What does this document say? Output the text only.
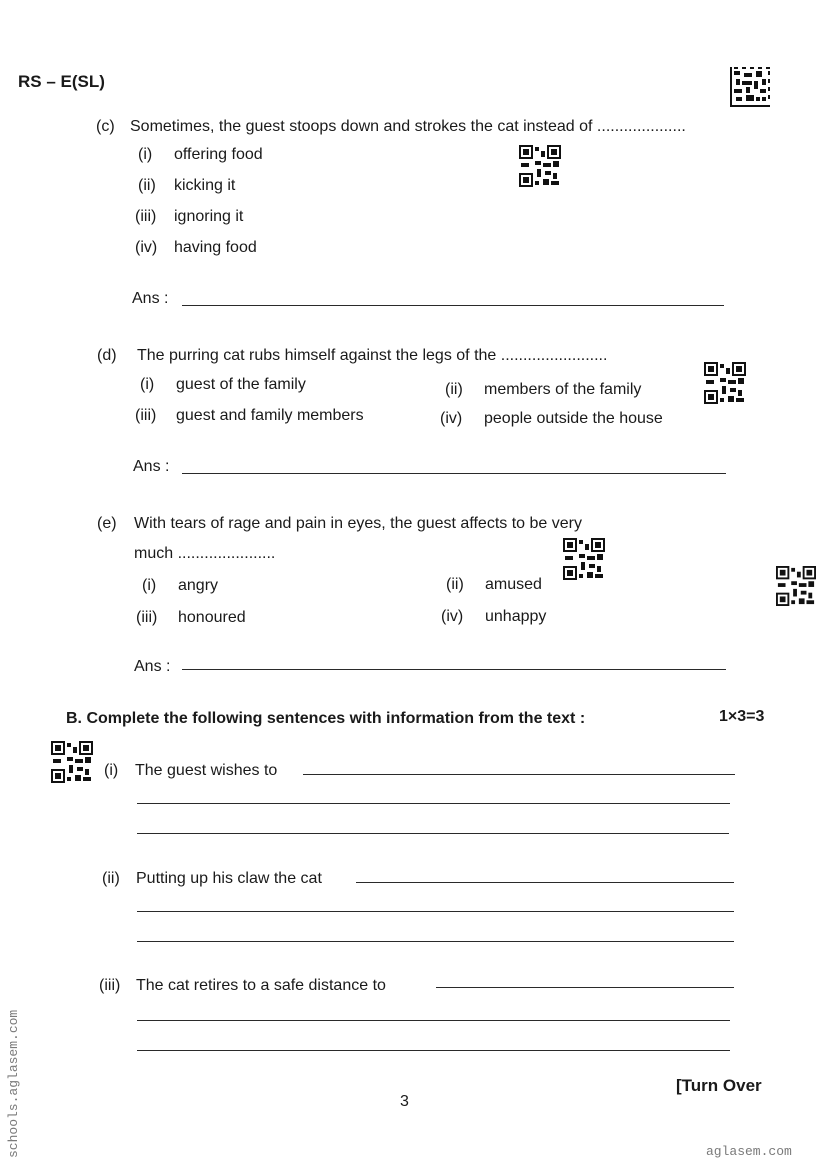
RS – E(SL)
(c) Sometimes, the guest stoops down and strokes the cat instead of ....................
(i) offering food
(ii) kicking it
(iii) ignoring it
(iv) having food
Ans :
(d) The purring cat rubs himself against the legs of the ........................
(i) guest of the family	(ii) members of the family
(iii) guest and family members	(iv) people outside the house
Ans :
(e) With tears of rage and pain in eyes, the guest affects to be very
much ......................
(i) angry	(ii) amused
(iii) honoured	(iv) unhappy
Ans :
B. Complete the following sentences with information from the text :	1×3=3
(i) The guest wishes to
(ii) Putting up his claw the cat
(iii) The cat retires to a safe distance to
3
[Turn Over
aglasem.com
schools.aglasem.com
